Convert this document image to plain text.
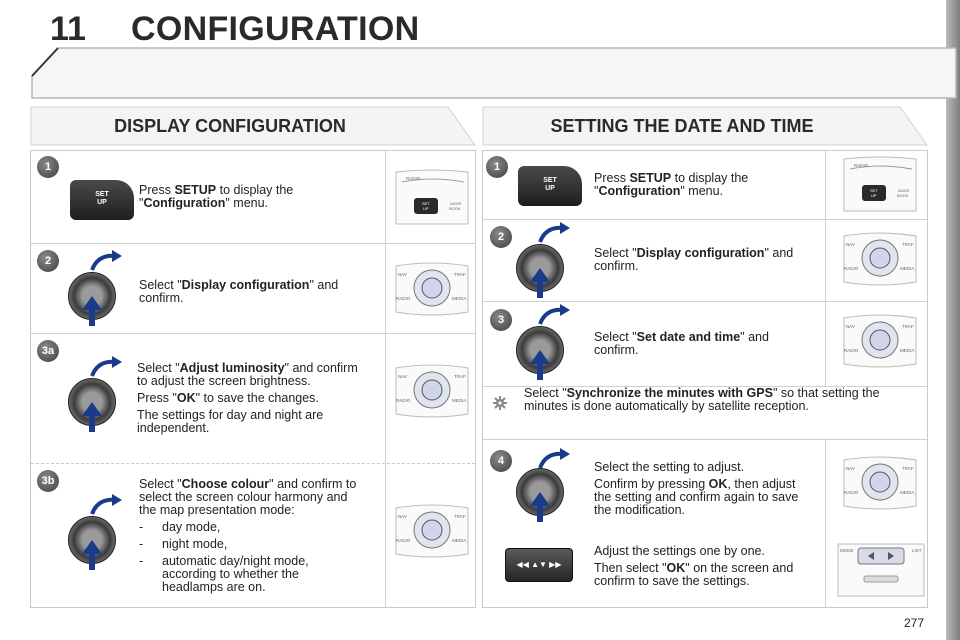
11 CONFIGURATION
DISPLAY CONFIGURATION	SETTING THE DATE AND TIME
1
SET
UP
Press SETUP to display the
"Configuration" menu.
RADIO
SET
UP
ADDR
BOOK
2
Select "Display configuration" and
confirm.
NAV	TRAF
RADIO	MEDIA
3a
Select "Adjust luminosity" and confirm
to adjust the screen brightness.
Press "OK" to save the changes.
The settings for day and night are
independent.
NAV	TRAF
RADIO	MEDIA
3b	Select "Choose colour" and confirm to
select the screen colour harmony and
the map presentation mode:
- day mode,
- night mode,
- automatic day/night mode,
according to whether the
headlamps are on.
NAV	TRAF
RADIO	MEDIA
1
SET
UP
Press SETUP to display the
"Configuration" menu.
RADIO
SET
UP
ADDR
BOOK
2
Select "Display configuration" and
confirm.
NAV	TRAF
RADIO	MEDIA
3
Select "Set date and time" and
confirm.
NAV	TRAF
RADIO	MEDIA
Select "Synchronize the minutes with GPS" so that setting the
minutes is done automatically by satellite reception.
4	Select the setting to adjust.
Confirm by pressing OK, then adjust
the setting and confirm again to save
the modification.
◀◀ ▲▼ ▶▶
Adjust the settings one by one.
Then select "OK" on the screen and
confirm to save the settings.
NAV	TRAF
RADIO	MEDIA
MODE	LIST
277
